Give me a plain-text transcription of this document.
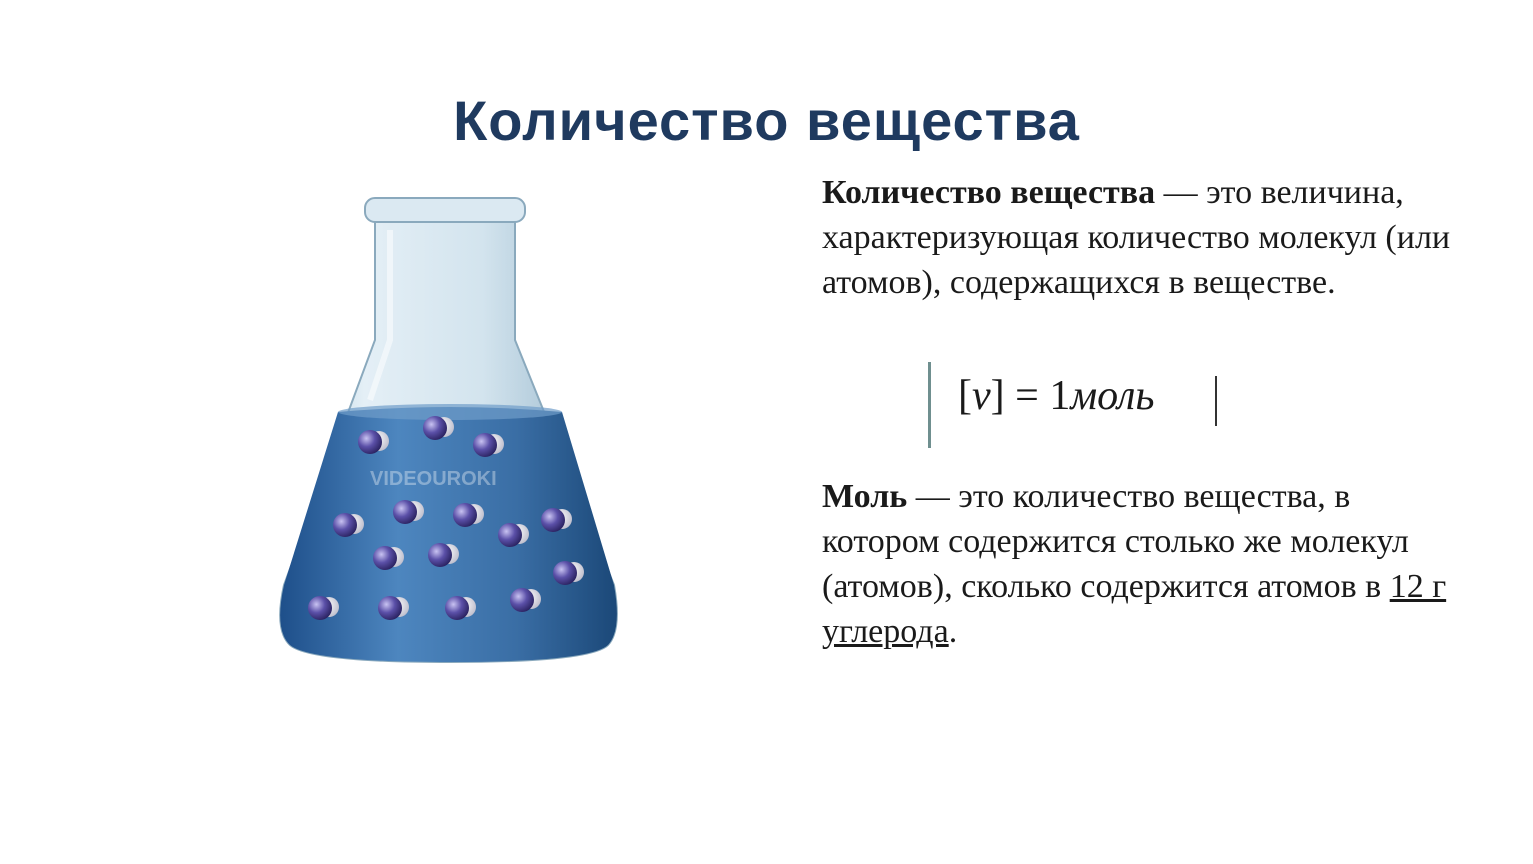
Количество вещества
VIDEOUROKI

Количество вещества — это величина, характеризующая количество молекул (или атомов), содержащихся в веществе.

[ν] = 1моль

Моль — это количество вещества, в котором содержится столько же молекул (атомов), сколько содержится атомов в 12 г углерода.
